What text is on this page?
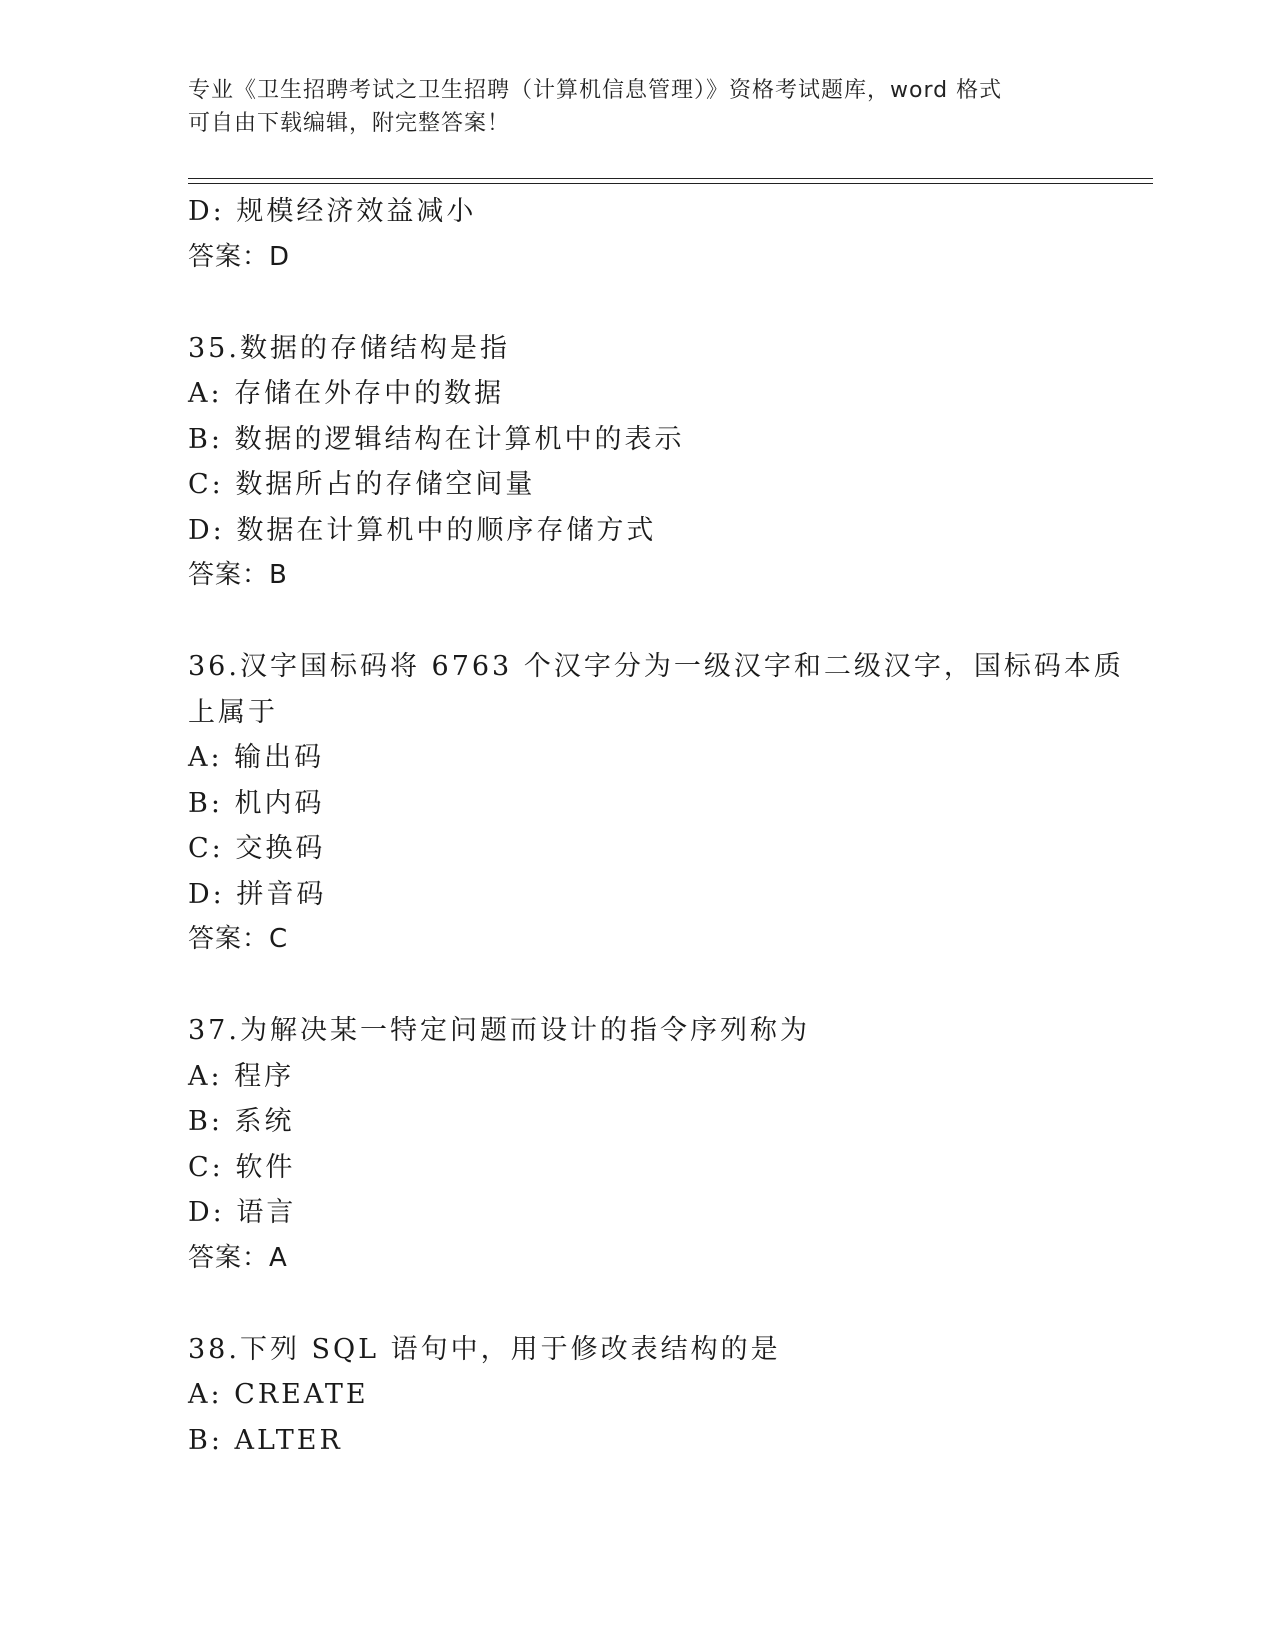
专业《卫生招聘考试之卫生招聘（计算机信息管理）》资格考试题库，word 格式
可自由下载编辑，附完整答案！
D: 规模经济效益减小
答案：D
35.数据的存储结构是指
A: 存储在外存中的数据
B: 数据的逻辑结构在计算机中的表示
C: 数据所占的存储空间量
D: 数据在计算机中的顺序存储方式
答案：B
36.汉字国标码将 6763 个汉字分为一级汉字和二级汉字，国标码本质
上属于
A: 输出码
B: 机内码
C: 交换码
D: 拼音码
答案：C
37.为解决某一特定问题而设计的指令序列称为
A: 程序
B: 系统
C: 软件
D: 语言
答案：A
38.下列 SQL 语句中，用于修改表结构的是
A: CREATE
B: ALTER
